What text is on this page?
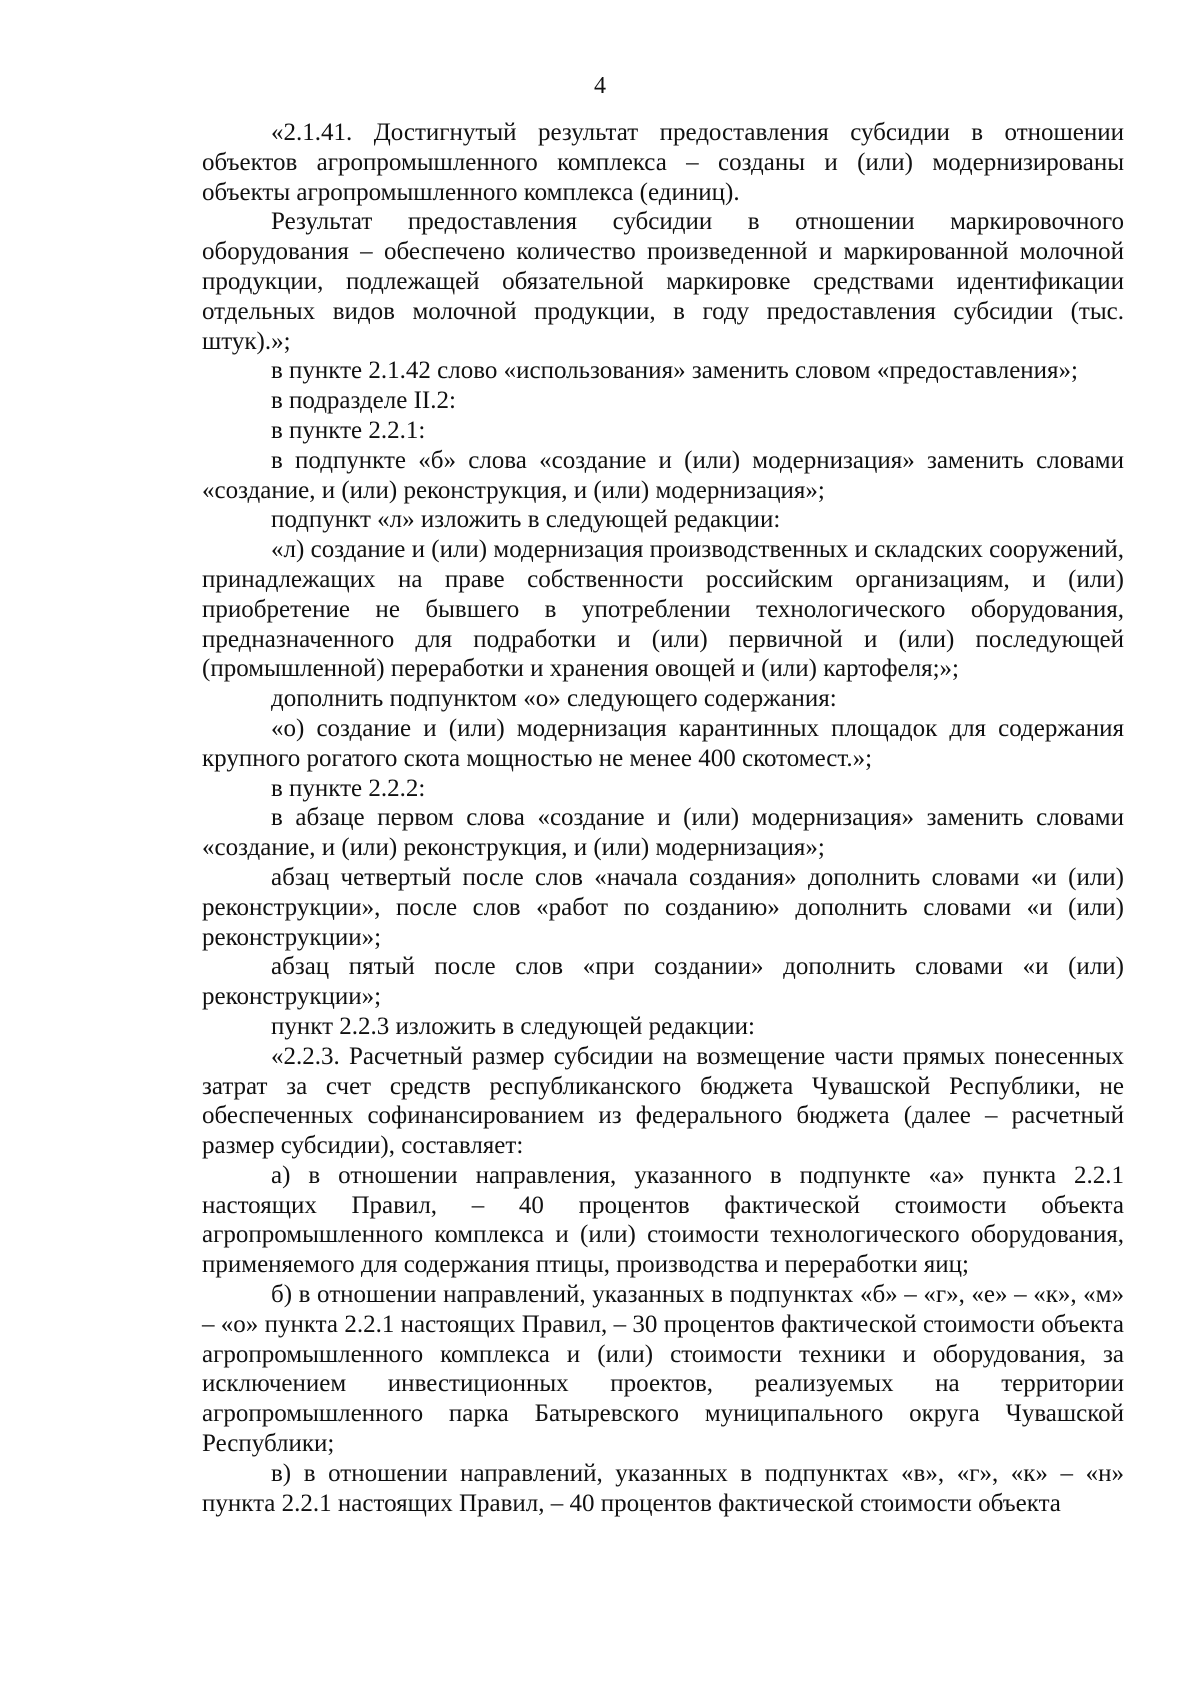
4

«2.1.41. Достигнутый результат предоставления субсидии в отношении объектов агропромышленного комплекса – созданы и (или) модернизированы объекты агропромышленного комплекса (единиц).

Результат предоставления субсидии в отношении маркировочного оборудования – обеспечено количество произведенной и маркированной молочной продукции, подлежащей обязательной маркировке средствами идентификации отдельных видов молочной продукции, в году предоставления субсидии (тыс. штук).»;

в пункте 2.1.42 слово «использования» заменить словом «предоставления»;

в подразделе II.2:

в пункте 2.2.1:

в подпункте «б» слова «создание и (или) модернизация» заменить словами «создание, и (или) реконструкция, и (или) модернизация»;

подпункт «л» изложить в следующей редакции:

«л) создание и (или) модернизация производственных и складских сооружений, принадлежащих на праве собственности российским организациям, и (или) приобретение не бывшего в употреблении технологического оборудования, предназначенного для подработки и (или) первичной и (или) последующей (промышленной) переработки и хранения овощей и (или) картофеля;»;

дополнить подпунктом «о» следующего содержания:

«о) создание и (или) модернизация карантинных площадок для содержания крупного рогатого скота мощностью не менее 400 скотомест.»;

в пункте 2.2.2:

в абзаце первом слова «создание и (или) модернизация» заменить словами «создание, и (или) реконструкция, и (или) модернизация»;

абзац четвертый после слов «начала создания» дополнить словами «и (или) реконструкции», после слов «работ по созданию» дополнить словами «и (или) реконструкции»;

абзац пятый после слов «при создании» дополнить словами «и (или) реконструкции»;

пункт 2.2.3 изложить в следующей редакции:

«2.2.3. Расчетный размер субсидии на возмещение части прямых понесенных затрат за счет средств республиканского бюджета Чувашской Республики, не обеспеченных софинансированием из федерального бюджета (далее – расчетный размер субсидии), составляет:

а) в отношении направления, указанного в подпункте «а» пункта 2.2.1 настоящих Правил, – 40 процентов фактической стоимости объекта агропромышленного комплекса и (или) стоимости технологического оборудования, применяемого для содержания птицы, производства и переработки яиц;

б) в отношении направлений, указанных в подпунктах «б» – «г», «е» – «к», «м» – «о» пункта 2.2.1 настоящих Правил, – 30 процентов фактической стоимости объекта агропромышленного комплекса и (или) стоимости техники и оборудования, за исключением инвестиционных проектов, реализуемых на территории агропромышленного парка Батыревского муниципального округа Чувашской Республики;

в) в отношении направлений, указанных в подпунктах «в», «г», «к» – «н» пункта 2.2.1 настоящих Правил, – 40 процентов фактической стоимости объекта
